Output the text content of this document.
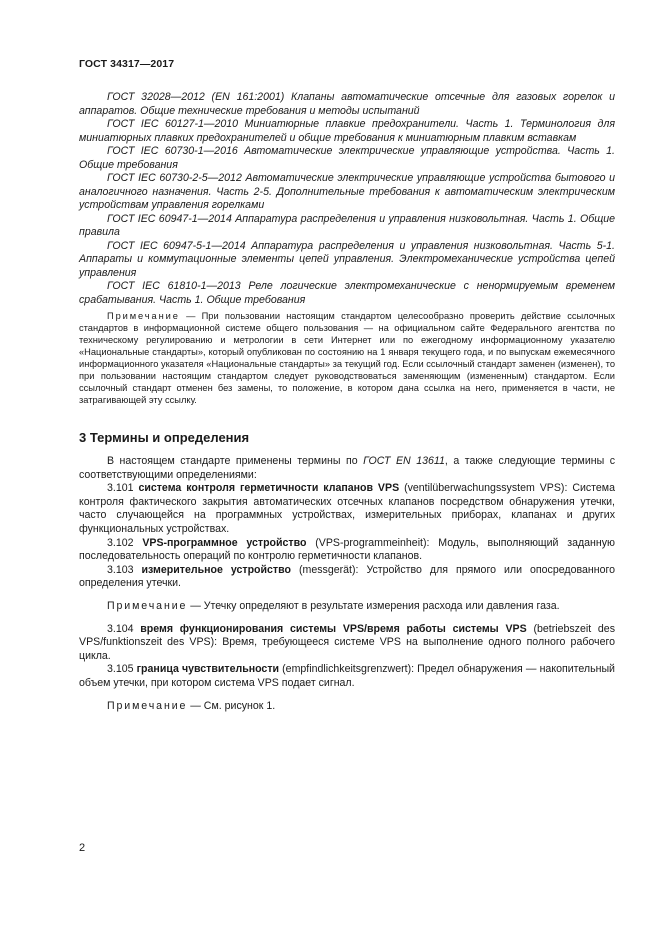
ГОСТ 34317—2017

ГОСТ 32028—2012 (EN 161:2001) Клапаны автоматические отсечные для газовых горелок и аппаратов. Общие технические требования и методы испытаний

ГОСТ IEC 60127-1—2010 Миниатюрные плавкие предохранители. Часть 1. Терминология для миниатюрных плавких предохранителей и общие требования к миниатюрным плавким вставкам

ГОСТ IEC 60730-1—2016 Автоматические электрические управляющие устройства. Часть 1. Общие требования

ГОСТ IEC 60730-2-5—2012 Автоматические электрические управляющие устройства бытового и аналогичного назначения. Часть 2-5. Дополнительные требования к автоматическим электрическим устройствам управления горелками

ГОСТ IEC 60947-1—2014 Аппаратура распределения и управления низковольтная. Часть 1. Общие правила

ГОСТ IEC 60947-5-1—2014 Аппаратура распределения и управления низковольтная. Часть 5-1. Аппараты и коммутационные элементы цепей управления. Электромеханические устройства цепей управления

ГОСТ IEC 61810-1—2013 Реле логические электромеханические с ненормируемым временем срабатывания. Часть 1. Общие требования

Примечание — При пользовании настоящим стандартом целесообразно проверить действие ссылочных стандартов в информационной системе общего пользования — на официальном сайте Федерального агентства по техническому регулированию и метрологии в сети Интернет или по ежегодному информационному указателю «Национальные стандарты», который опубликован по состоянию на 1 января текущего года, и по выпускам ежемесячного информационного указателя «Национальные стандарты» за текущий год. Если ссылочный стандарт заменен (изменен), то при пользовании настоящим стандартом следует руководствоваться заменяющим (измененным) стандартом. Если ссылочный стандарт отменен без замены, то положение, в котором дана ссылка на него, применяется в части, не затрагивающей эту ссылку.

3 Термины и определения

В настоящем стандарте применены термины по ГОСТ EN 13611, а также следующие термины с соответствующими определениями:

3.101 система контроля герметичности клапанов VPS (ventilüberwachungssystem VPS): Система контроля фактического закрытия автоматических отсечных клапанов посредством обнаружения утечки, часто случающейся на программных устройствах, измерительных приборах, клапанах и других функциональных устройствах.

3.102 VPS-программное устройство (VPS-programmeinheit): Модуль, выполняющий заданную последовательность операций по контролю герметичности клапанов.

3.103 измерительное устройство (messgerät): Устройство для прямого или опосредованного определения утечки.

Примечание — Утечку определяют в результате измерения расхода или давления газа.

3.104 время функционирования системы VPS/время работы системы VPS (betriebszeit des VPS/funktionszeit des VPS): Время, требующееся системе VPS на выполнение одного полного рабочего цикла.

3.105 граница чувствительности (empfindlichkeitsgrenzwert): Предел обнаружения — накопительный объем утечки, при котором система VPS подает сигнал.

Примечание — См. рисунок 1.

2
